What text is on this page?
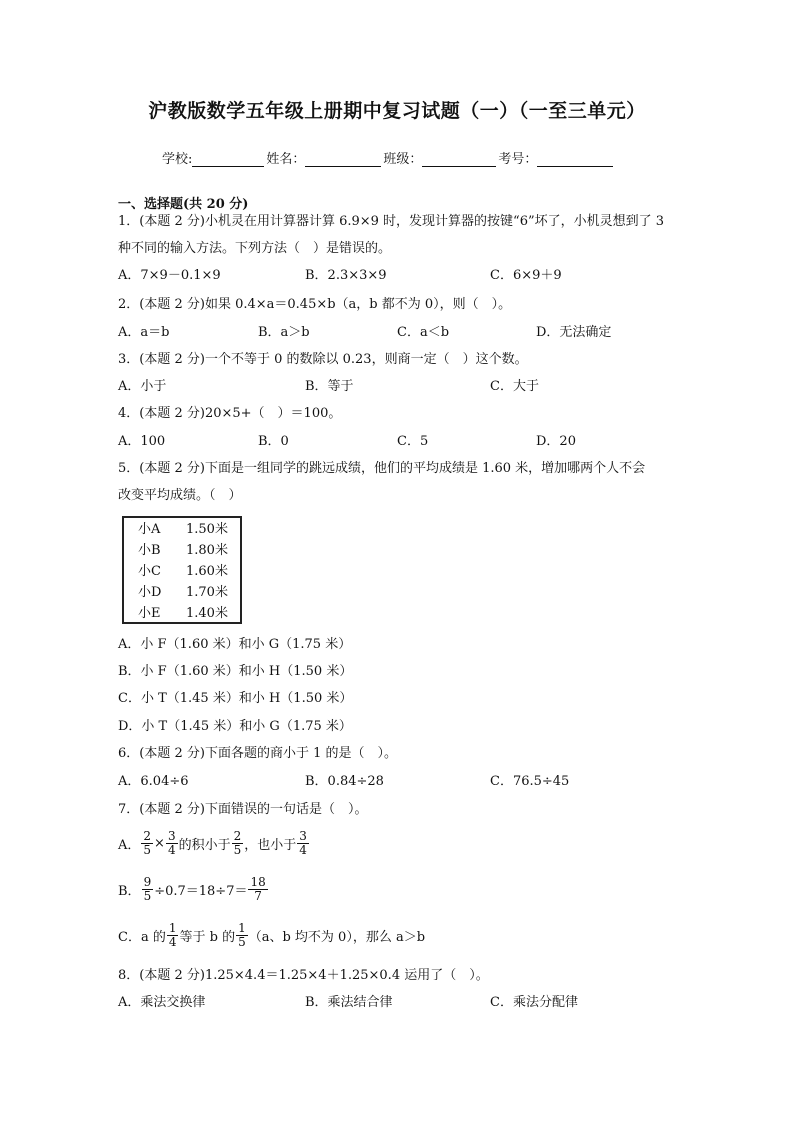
沪教版数学五年级上册期中复习试题（一）（一至三单元）
学校:	姓名：	班级：	考号：
一、选择题(共 20 分)
1．(本题 2 分)小机灵在用计算器计算 6.9×9 时，发现计算器的按键“6”坏了，小机灵想到了 3
种不同的输入方法。下列方法（　）是错误的。
A．7×9－0.1×9	B．2.3×3×9	C．6×9＋9
2．(本题 2 分)如果 0.4×a＝0.45×b（a，b 都不为 0），则（　）。
A．a＝b	B．a＞b	C．a＜b	D．无法确定
3．(本题 2 分)一个不等于 0 的数除以 0.23，则商一定（　）这个数。
A．小于	B．等于	C．大于
4．(本题 2 分)20×5+（　）＝100。
A．100	B．0	C．5	D．20
5．(本题 2 分)下面是一组同学的跳远成绩，他们的平均成绩是 1.60 米，增加哪两个人不会
改变平均成绩。（　）
小A 1.50米
小B 1.80米
小C 1.60米
小D 1.70米
小E 1.40米
A．小 F（1.60 米）和小 G（1.75 米）
B．小 F（1.60 米）和小 H（1.50 米）
C．小 T（1.45 米）和小 H（1.50 米）
D．小 T（1.45 米）和小 G（1.75 米）
6．(本题 2 分)下面各题的商小于 1 的是（　）。
A．6.04÷6	B．0.84÷28	C．76.5÷45
7．(本题 2 分)下面错误的一句话是（　）。
A． $\frac{2}{5} \times \frac{3}{4}$ 的积小于 $\frac{2}{5}$ ，也小于 $\frac{3}{4}$
B． $\frac{9}{5} \div 0.7=18\div 7= \frac{18}{7}$
C．a 的 $\frac{1}{4}$ 等于 b 的 $\frac{1}{5} (a$、b 均不为 0），那么 a＞b
8．(本题 2 分)1.25×4.4＝1.25×4＋1.25×0.4 运用了（　）。
A．乘法交换律	B．乘法结合律	C．乘法分配律
